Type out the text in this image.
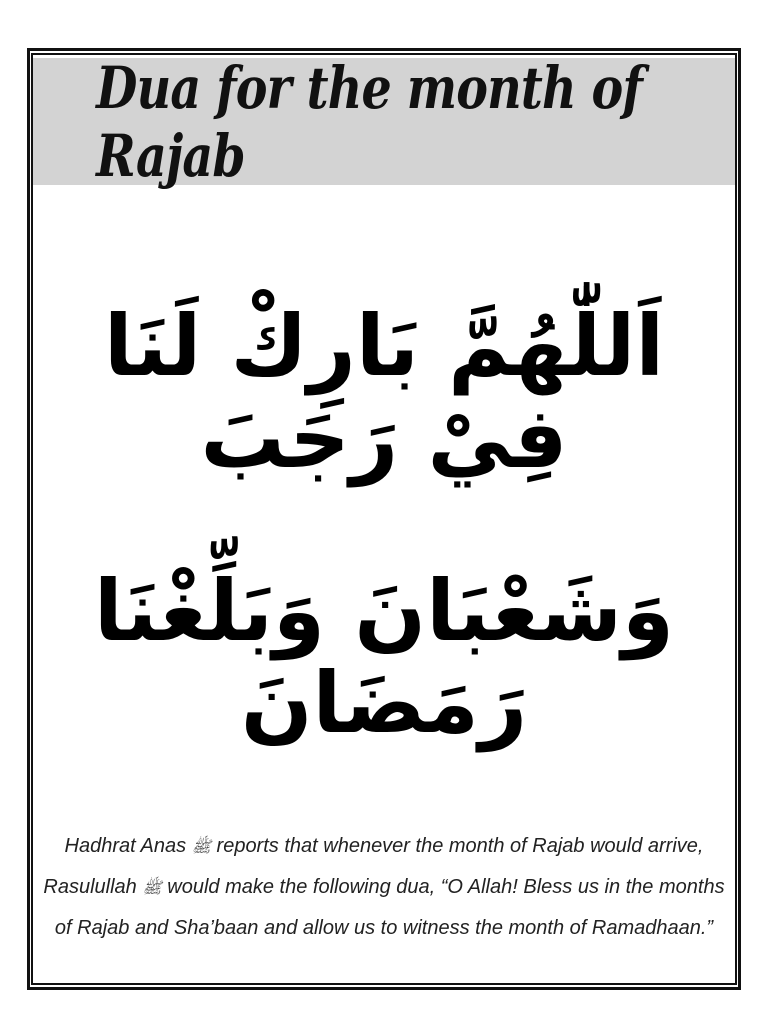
Dua for the month of Rajab

اَللّٰهُمَّ بَارِكْ لَنَا فِيْ رَجَبَ

وَشَعْبَانَ وَبَلِّغْنَا رَمَضَانَ

Hadhrat Anas ﷺ reports that whenever the month of Rajab would arrive, Rasulullah ﷺ would make the following dua, “O Allah! Bless us in the months of Rajab and Sha’baan and allow us to witness the month of Ramadhaan.”
